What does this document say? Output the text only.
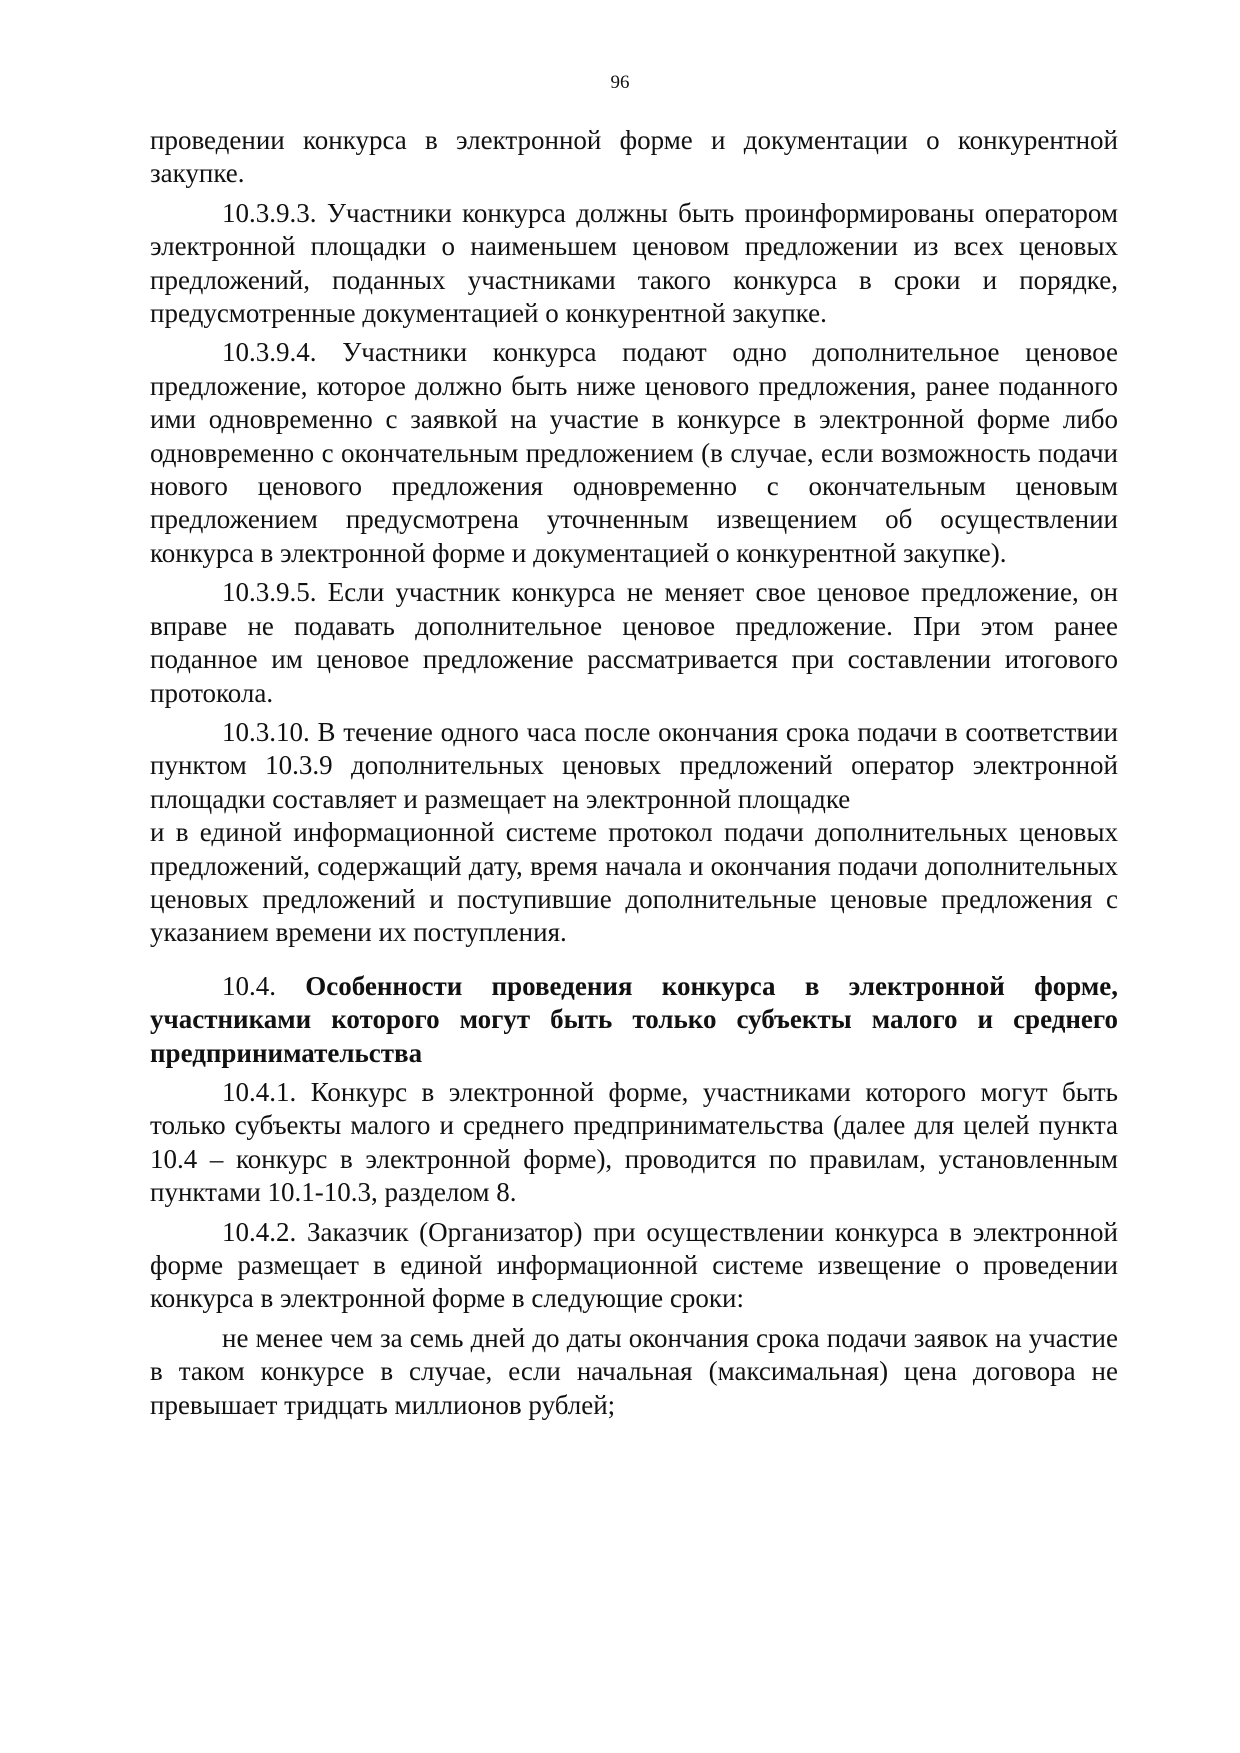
96

проведении конкурса в электронной форме и документации о конкурентной закупке.

10.3.9.3. Участники конкурса должны быть проинформированы оператором электронной площадки о наименьшем ценовом предложении из всех ценовых предложений, поданных участниками такого конкурса в сроки и порядке, предусмотренные документацией о конкурентной закупке.

10.3.9.4. Участники конкурса подают одно дополнительное ценовое предложение, которое должно быть ниже ценового предложения, ранее поданного ими одновременно с заявкой на участие в конкурсе в электронной форме либо одновременно с окончательным предложением (в случае, если возможность подачи нового ценового предложения одновременно с окончательным ценовым предложением предусмотрена уточненным извещением об осуществлении конкурса в электронной форме и документацией о конкурентной закупке).

10.3.9.5. Если участник конкурса не меняет свое ценовое предложение, он вправе не подавать дополнительное ценовое предложение. При этом ранее поданное им ценовое предложение рассматривается при составлении итогового протокола.

10.3.10. В течение одного часа после окончания срока подачи в соответствии пунктом 10.3.9 дополнительных ценовых предложений оператор электронной площадки составляет и размещает на электронной площадке

и в единой информационной системе протокол подачи дополнительных ценовых предложений, содержащий дату, время начала и окончания подачи дополнительных ценовых предложений и поступившие дополнительные ценовые предложения с указанием времени их поступления.

10.4. Особенности проведения конкурса в электронной форме, участниками которого могут быть только субъекты малого и среднего предпринимательства

10.4.1. Конкурс в электронной форме, участниками которого могут быть только субъекты малого и среднего предпринимательства (далее для целей пункта 10.4 – конкурс в электронной форме), проводится по правилам, установленным пунктами 10.1-10.3, разделом 8.

10.4.2. Заказчик (Организатор) при осуществлении конкурса в электронной форме размещает в единой информационной системе извещение о проведении конкурса в электронной форме в следующие сроки:

не менее чем за семь дней до даты окончания срока подачи заявок на участие в таком конкурсе в случае, если начальная (максимальная) цена договора не превышает тридцать миллионов рублей;
